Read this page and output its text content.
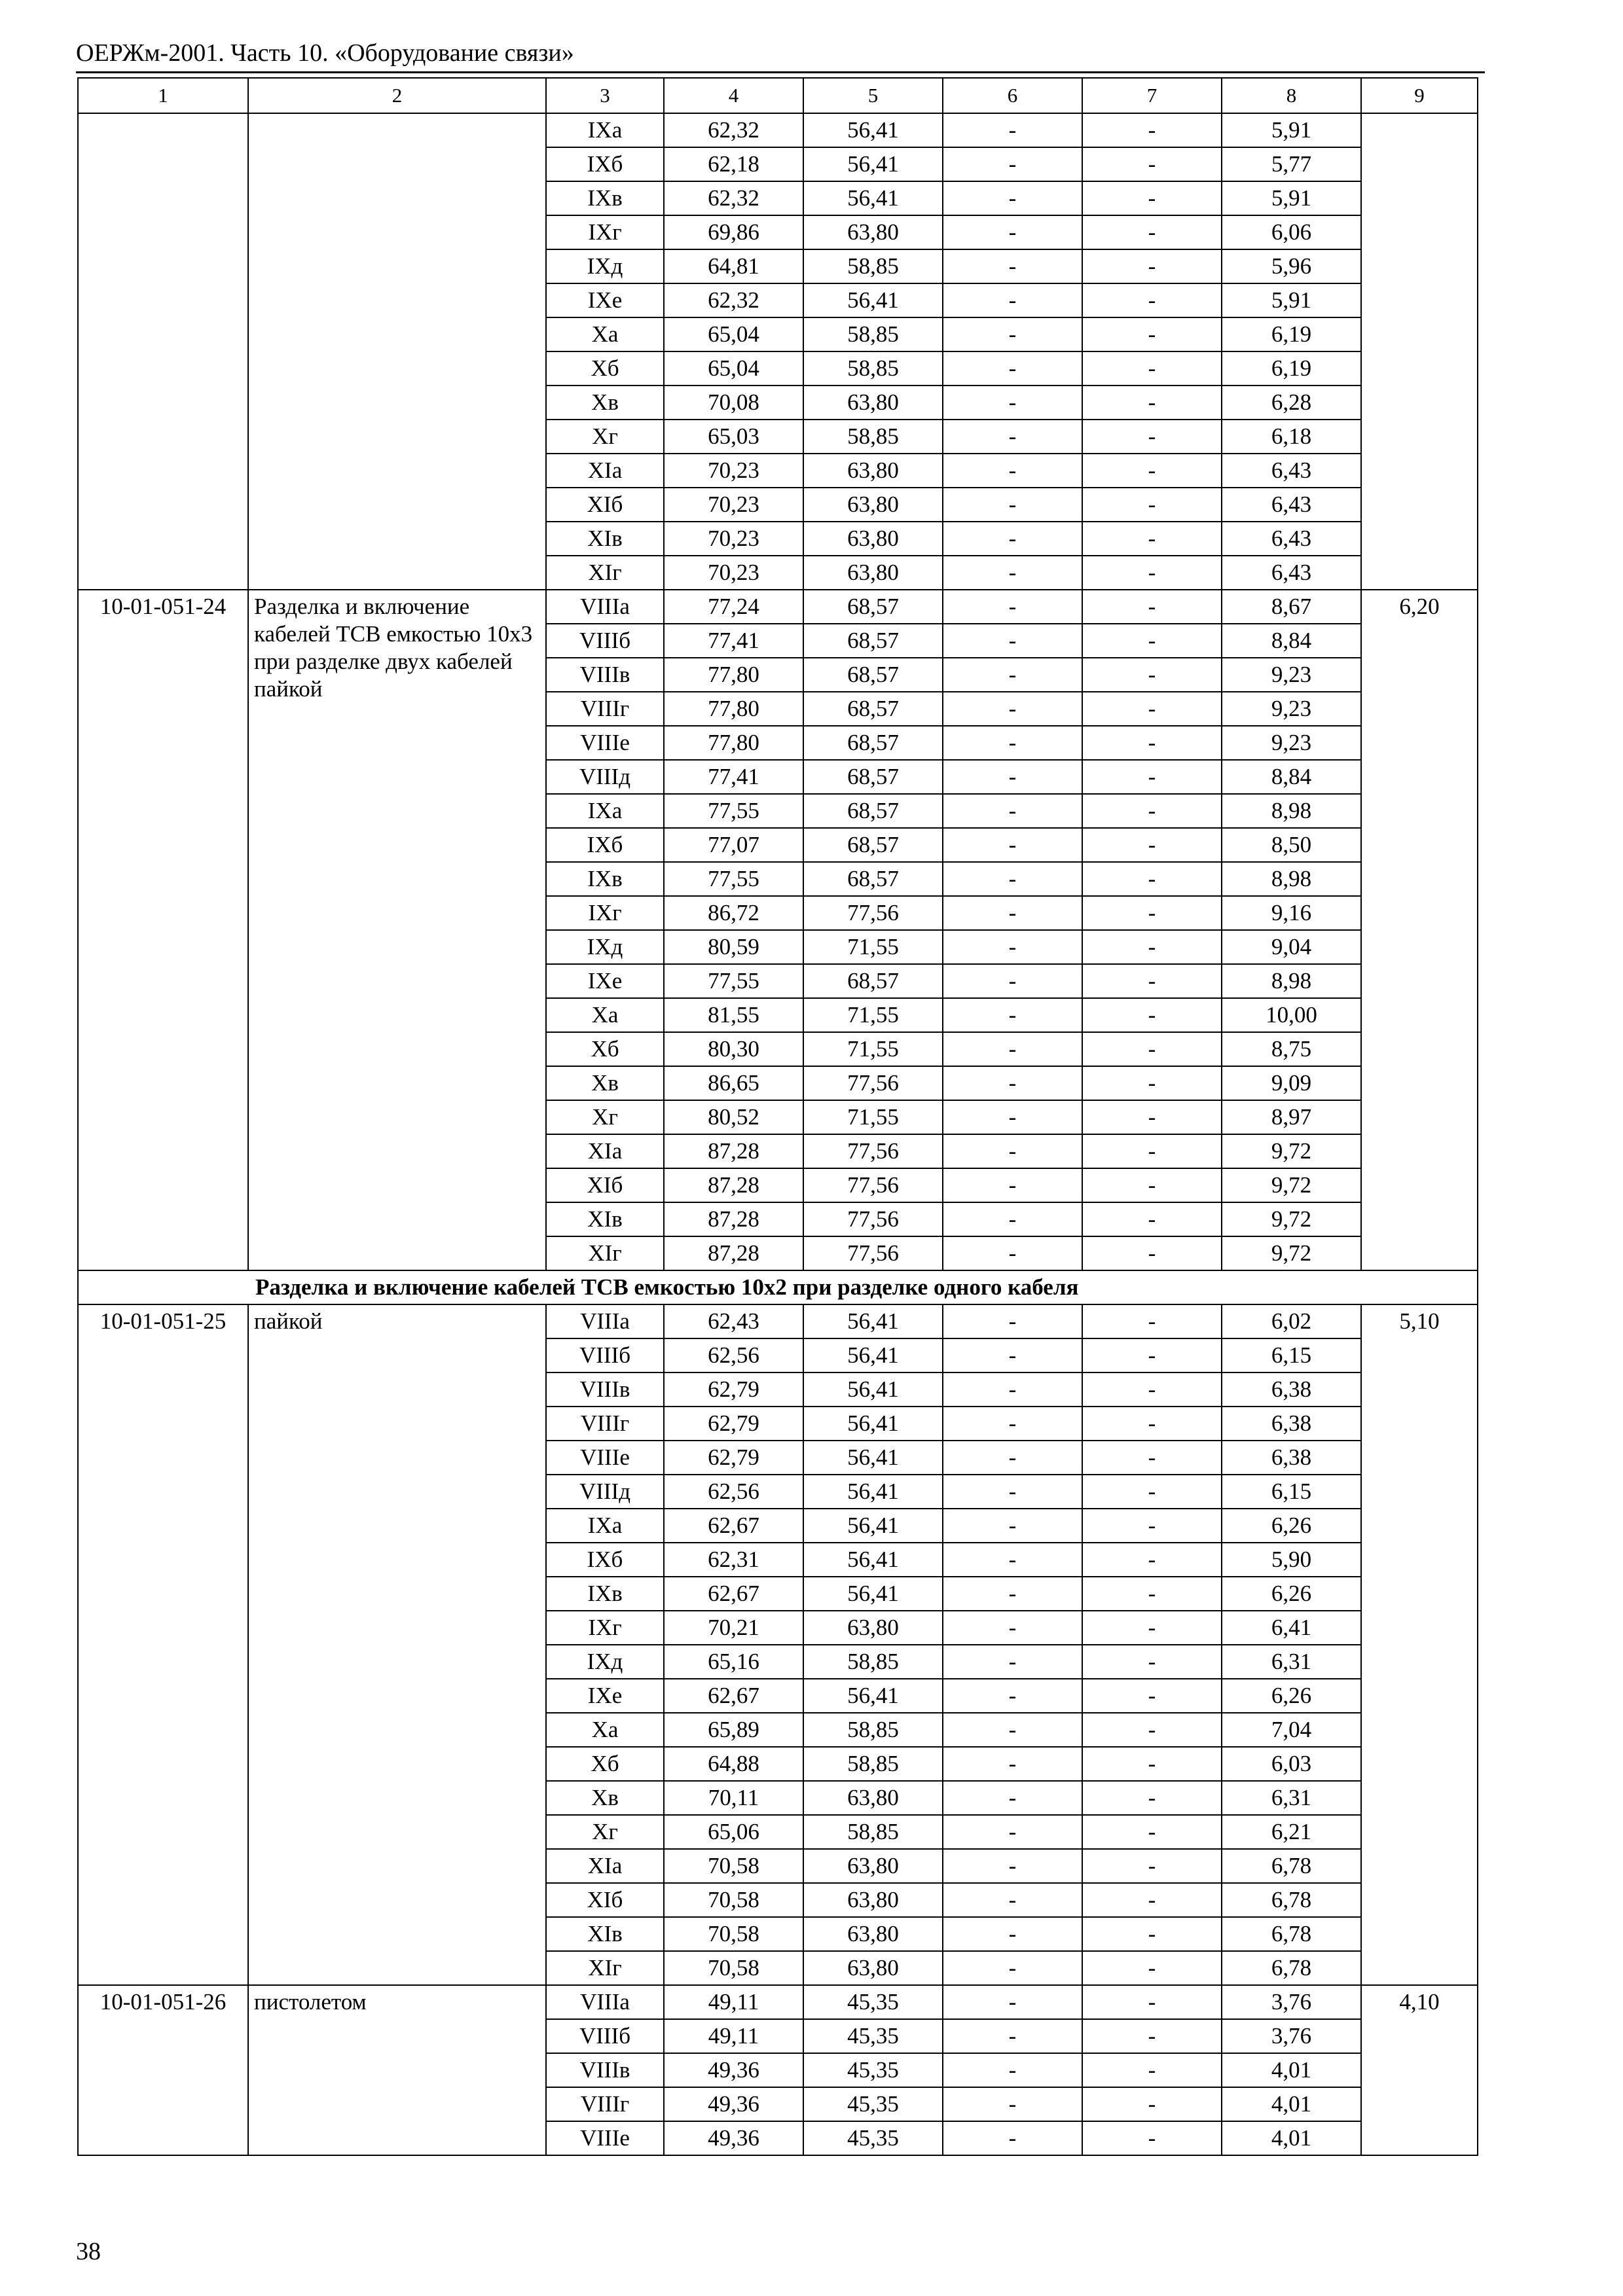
ОЕРЖм-2001. Часть 10. «Оборудование связи»
1	2	3	4	5	6	7	8	9
		IXа	62,32	56,41	-	-	5,91	
		IXб	62,18	56,41	-	-	5,77	
		IXв	62,32	56,41	-	-	5,91	
		IXг	69,86	63,80	-	-	6,06	
		IXд	64,81	58,85	-	-	5,96	
		IXе	62,32	56,41	-	-	5,91	
		Xа	65,04	58,85	-	-	6,19	
		Xб	65,04	58,85	-	-	6,19	
		Xв	70,08	63,80	-	-	6,28	
		Xг	65,03	58,85	-	-	6,18	
		XIа	70,23	63,80	-	-	6,43	
		XIб	70,23	63,80	-	-	6,43	
		XIв	70,23	63,80	-	-	6,43	
		XIг	70,23	63,80	-	-	6,43	
10-01-051-24	Разделка и включение кабелей ТСВ емкостью 10х3 при разделке двух кабелей пайкой	VIIIа	77,24	68,57	-	-	8,67	6,20
		VIIIб	77,41	68,57	-	-	8,84	
		VIIIв	77,80	68,57	-	-	9,23	
		VIIIг	77,80	68,57	-	-	9,23	
		VIIIе	77,80	68,57	-	-	9,23	
		VIIIд	77,41	68,57	-	-	8,84	
		IXа	77,55	68,57	-	-	8,98	
		IXб	77,07	68,57	-	-	8,50	
		IXв	77,55	68,57	-	-	8,98	
		IXг	86,72	77,56	-	-	9,16	
		IXд	80,59	71,55	-	-	9,04	
		IXе	77,55	68,57	-	-	8,98	
		Xа	81,55	71,55	-	-	10,00	
		Xб	80,30	71,55	-	-	8,75	
		Xв	86,65	77,56	-	-	9,09	
		Xг	80,52	71,55	-	-	8,97	
		XIа	87,28	77,56	-	-	9,72	
		XIб	87,28	77,56	-	-	9,72	
		XIв	87,28	77,56	-	-	9,72	
		XIг	87,28	77,56	-	-	9,72	
Разделка и включение кабелей ТСВ емкостью 10х2 при разделке одного кабеля								
10-01-051-25	пайкой	VIIIа	62,43	56,41	-	-	6,02	5,10
		VIIIб	62,56	56,41	-	-	6,15	
		VIIIв	62,79	56,41	-	-	6,38	
		VIIIг	62,79	56,41	-	-	6,38	
		VIIIе	62,79	56,41	-	-	6,38	
		VIIIд	62,56	56,41	-	-	6,15	
		IXа	62,67	56,41	-	-	6,26	
		IXб	62,31	56,41	-	-	5,90	
		IXв	62,67	56,41	-	-	6,26	
		IXг	70,21	63,80	-	-	6,41	
		IXд	65,16	58,85	-	-	6,31	
		IXе	62,67	56,41	-	-	6,26	
		Xа	65,89	58,85	-	-	7,04	
		Xб	64,88	58,85	-	-	6,03	
		Xв	70,11	63,80	-	-	6,31	
		Xг	65,06	58,85	-	-	6,21	
		XIа	70,58	63,80	-	-	6,78	
		XIб	70,58	63,80	-	-	6,78	
		XIв	70,58	63,80	-	-	6,78	
		XIг	70,58	63,80	-	-	6,78	
10-01-051-26	пистолетом	VIIIа	49,11	45,35	-	-	3,76	4,10
		VIIIб	49,11	45,35	-	-	3,76	
		VIIIв	49,36	45,35	-	-	4,01	
		VIIIг	49,36	45,35	-	-	4,01	
		VIIIе	49,36	45,35	-	-	4,01	
38
